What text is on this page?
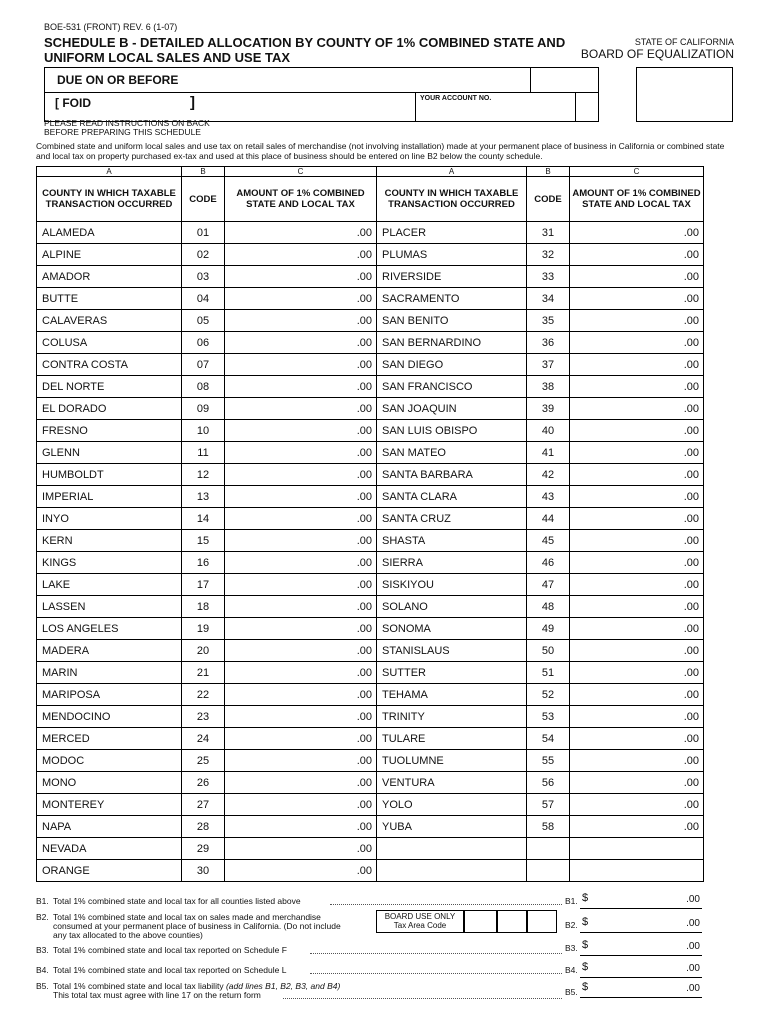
BOE-531 (FRONT) REV. 6 (1-07)
SCHEDULE B - DETAILED ALLOCATION BY COUNTY OF 1% COMBINED STATE AND
UNIFORM LOCAL SALES AND USE TAX
STATE OF CALIFORNIA
BOARD OF EQUALIZATION
DUE ON OR BEFORE
[ FOID	]	YOUR ACCOUNT NO.
PLEASE READ INSTRUCTIONS ON BACK
BEFORE PREPARING THIS SCHEDULE
Combined state and uniform local sales and use tax on retail sales of merchandise (not involving installation) made at your permanent place of business in California or combined state and local tax on property purchased ex-tax and used at this place of business should be entered on line B2 below the county schedule.
A	B	C	A	B	C
COUNTY IN WHICH TAXABLE TRANSACTION OCCURRED	CODE	AMOUNT OF 1% COMBINED STATE AND LOCAL TAX	COUNTY IN WHICH TAXABLE TRANSACTION OCCURRED	CODE	AMOUNT OF 1% COMBINED STATE AND LOCAL TAX
ALAMEDA	01	.00	PLACER	31	.00
ALPINE	02	.00	PLUMAS	32	.00
AMADOR	03	.00	RIVERSIDE	33	.00
BUTTE	04	.00	SACRAMENTO	34	.00
CALAVERAS	05	.00	SAN BENITO	35	.00
COLUSA	06	.00	SAN BERNARDINO	36	.00
CONTRA COSTA	07	.00	SAN DIEGO	37	.00
DEL NORTE	08	.00	SAN FRANCISCO	38	.00
EL DORADO	09	.00	SAN JOAQUIN	39	.00
FRESNO	10	.00	SAN LUIS OBISPO	40	.00
GLENN	11	.00	SAN MATEO	41	.00
HUMBOLDT	12	.00	SANTA BARBARA	42	.00
IMPERIAL	13	.00	SANTA CLARA	43	.00
INYO	14	.00	SANTA CRUZ	44	.00
KERN	15	.00	SHASTA	45	.00
KINGS	16	.00	SIERRA	46	.00
LAKE	17	.00	SISKIYOU	47	.00
LASSEN	18	.00	SOLANO	48	.00
LOS ANGELES	19	.00	SONOMA	49	.00
MADERA	20	.00	STANISLAUS	50	.00
MARIN	21	.00	SUTTER	51	.00
MARIPOSA	22	.00	TEHAMA	52	.00
MENDOCINO	23	.00	TRINITY	53	.00
MERCED	24	.00	TULARE	54	.00
MODOC	25	.00	TUOLUMNE	55	.00
MONO	26	.00	VENTURA	56	.00
MONTEREY	27	.00	YOLO	57	.00
NAPA	28	.00	YUBA	58	.00
NEVADA	29	.00			
ORANGE	30	.00			
B1. Total 1% combined state and local tax for all counties listed above	B1. $	.00
B2. Total 1% combined state and local tax on sales made and merchandise
consumed at your permanent place of business in California. (Do not include
any tax allocated to the above counties)
BOARD USE ONLY
Tax Area Code	B2. $	.00
B3. Total 1% combined state and local tax reported on Schedule F	B3. $	.00
B4. Total 1% combined state and local tax reported on Schedule L	B4. $	.00
B5. Total 1% combined state and local tax liability (add lines B1, B2, B3, and B4)
This total tax must agree with line 17 on the return form	B5. $	.00
